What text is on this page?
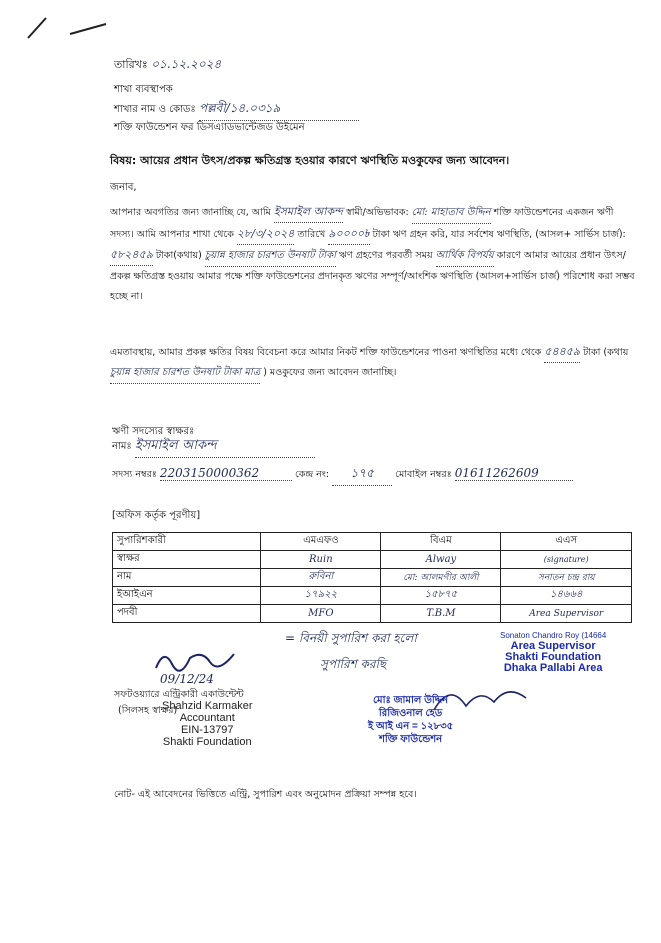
তারিখঃ ০১.১২.২০২৪
শাখা ব্যবস্থাপক
শাখার নাম ও কোডঃ পল্লবী/১৪.০৩১৯
শক্তি ফাউন্ডেশন ফর ডিসএ্যাডভান্টেজড উইমেন
বিষয়: আয়ের প্রধান উৎস/প্রকল্প ক্ষতিগ্রস্ত হওয়ার কারণে ঋণস্থিতি মওকুফের জন্য আবেদন।
জনাব,
আপনার অবগতির জন্য জানাচ্ছি যে, আমি ইসমাইল আকন্দ স্বামী/অভিভাবক: মো: মাহাতাব উদ্দিন শক্তি ফাউন্ডেশনের একজন ঋণী সদস্য। আমি আপনার শাখা থেকে ২৮/৩/২০২৪ তারিখে ৯০০০০৳ টাকা ঋণ গ্রহন করি, যার সর্বশেষ ঋণস্থিতি, (আসল+ সার্ভিস চার্জ): ৫৮২৪৫৯ টাকা(কথায়) চুয়ান্ন হাজার চারশত উনষাট টাকা ঋণ গ্রহণের পরবর্তী সময় আর্থিক বিপর্যয় কারণে আমার আয়ের প্রধান উৎস/প্রকল্প ক্ষতিগ্রস্ত হওয়ায় আমার পক্ষে শক্তি ফাউন্ডেশনের প্রদানকৃত ঋণের সম্পূর্ণ/আংশিক ঋণস্থিতি (আসল+সার্ভিস চার্জ) পরিশোধ করা সম্ভব হচ্ছে না।
এমতাবস্থায়, আমার প্রকল্প ক্ষতির বিষয় বিবেচনা করে আমার নিকট শক্তি ফাউন্ডেশনের পাওনা ঋণস্থিতির মধ্যে থেকে ৫৪৪৫৯ টাকা (কথায় চুয়ান্ন হাজার চারশত উনষাট টাকা মাত্র ) মওকুফের জন্য আবেদন জানাচ্ছি।
ঋণী সদস্যের স্বাক্ষরঃ
নামঃ ইসমাইল আকন্দ
সদস্য নম্বরঃ 2203150000362	কেন্দ্র নং: ১৭৫ মোবাইল নম্বরঃ 01611262609
[অফিস কর্তৃক পূরণীয়]
সুপারিশকারী	এমএফও	বিএম	এএস
স্বাক্ষর	Ruin	Alway	(signature)
নাম	রুবিনা	মো: আলমগীর আলী	সনাতন চন্দ্র রায়
ইআইএন	১৭৯২২	১৫৮৭৫	১৪৬৬৪
পদবী	MFO	T.B.M	Area Supervisor
= বিনয়ী সুপারিশ করা হলো
সুপারিশ করছি
Sonaton Chandro Roy (14664
Area Supervisor
Shakti Foundation
Dhaka Pallabi Area
09/12/24
সফটওয়্যারে এন্ট্রিকারী একাউন্টেন্ট
(সিলসহ স্বাক্ষর)
Shahzid Karmaker
Accountant
EIN-13797
Shakti Foundation
মোঃ জামাল উদ্দিন
রিজিওনাল হেড
ই আই এন = ১২৮৩৫
শক্তি ফাউন্ডেশন
নোট- এই আবেদনের ভিত্তিতে এন্ট্রি, সুপারিশ এবং অনুমোদন প্রক্রিয়া সম্পন্ন হবে।
